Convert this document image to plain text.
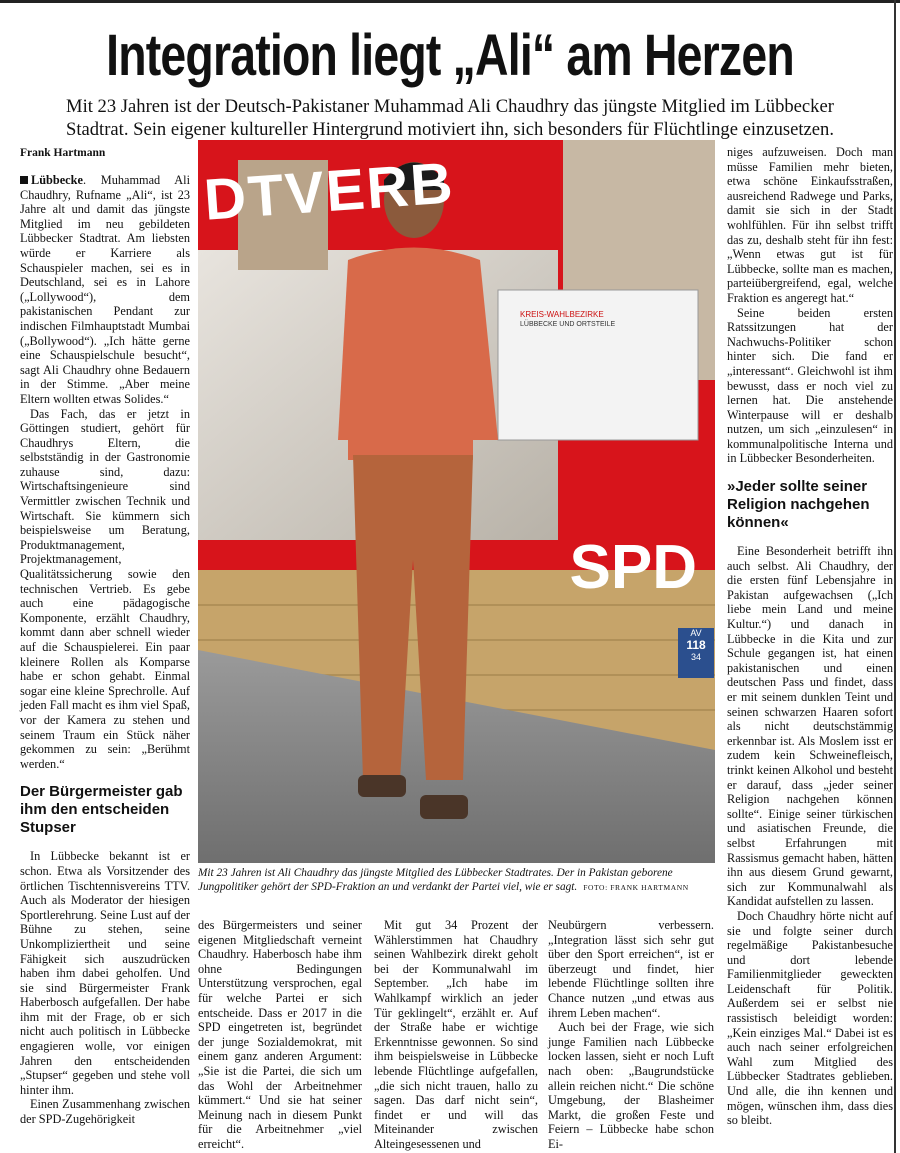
Integration liegt „Ali“ am Herzen
Mit 23 Jahren ist der Deutsch-Pakistaner Muhammad Ali Chaudhry das jüngste Mitglied im Lübbecker
Stadtrat. Sein eigener kultureller Hintergrund motiviert ihn, sich besonders für Flüchtlinge einzusetzen.
Frank Hartmann

Lübbecke. Muhammad Ali Chaudhry, Rufname „Ali“, ist 23 Jahre alt und damit das jüngste Mitglied im neu gebildeten Lübbecker Stadtrat. Am liebsten würde er Karriere als Schauspieler machen, sei es in Deutschland, sei es in Lahore („Lollywood“), dem pakistanischen Pendant zur indischen Filmhauptstadt Mumbai („Bollywood“). „Ich hätte gerne eine Schauspielschule besucht“, sagt Ali Chaudhry ohne Bedauern in der Stimme. „Aber meine Eltern wollten etwas Solides.“

Das Fach, das er jetzt in Göttingen studiert, gehört für Chaudhrys Eltern, die selbstständig in der Gastronomie zuhause sind, dazu: Wirtschaftsingenieure sind Vermittler zwischen Technik und Wirtschaft. Sie kümmern sich beispielsweise um Beratung, Produktmanagement, Projektmanagement, Qualitätssicherung sowie den technischen Vertrieb. Es gebe auch eine pädagogische Komponente, erzählt Chaudhry, kommt dann aber schnell wieder auf die Schauspielerei. Ein paar kleinere Rollen als Komparse habe er schon gehabt. Einmal sogar eine kleine Sprechrolle. Auf jeden Fall macht es ihm viel Spaß, vor der Kamera zu stehen und seinem Traum ein Stück näher gekommen zu sein: „Berühmt werden.“

Der Bürgermeister gab ihm den entscheiden Stupser

In Lübbecke bekannt ist er schon. Etwa als Vorsitzender des örtlichen Tischtennisvereins TTV. Auch als Moderator der hiesigen Sportlerehrung. Seine Lust auf der Bühne zu stehen, seine Unkompliziertheit und seine Fähigkeit sich auszudrücken haben ihm dabei geholfen. Und sie sind Bürgermeister Frank Haberbosch aufgefallen. Der habe ihm mit der Frage, ob er sich nicht auch politisch in Lübbecke engagieren wolle, vor einigen Jahren den entscheidenden „Stupser“ gegeben und stehe voll hinter ihm.

Einen Zusammenhang zwischen der SPD-Zugehörigkeit

DTVERB
SPD
KREIS-WAHLBEZIRKE
LÜBBECKE UND ORTSTEILE
AV
118
34
Mit 23 Jahren ist Ali Chaudhry das jüngste Mitglied des Lübbecker Stadtrates. Der in Pakistan geborene Jungpolitiker gehört der SPD-Fraktion an und verdankt der Partei viel, wie er sagt. FOTO: FRANK HARTMANN

des Bürgermeisters und seiner eigenen Mitgliedschaft verneint Chaudhry. Haberbosch habe ihm ohne Bedingungen Unterstützung versprochen, egal für welche Partei er sich entscheide. Dass er 2017 in die SPD eingetreten ist, begründet der junge Sozialdemokrat, mit einem ganz anderen Argument: „Sie ist die Partei, die sich um das Wohl der Arbeitnehmer kümmert.“ Und sie hat seiner Meinung nach in diesem Punkt für die Arbeitnehmer „viel erreicht“.

Mit gut 34 Prozent der Wählerstimmen hat Chaudhry seinen Wahlbezirk direkt geholt bei der Kommunalwahl im September. „Ich habe im Wahlkampf wirklich an jeder Tür geklingelt“, erzählt er. Auf der Straße habe er wichtige Erkenntnisse gewonnen. So sind ihm beispielsweise in Lübbecke lebende Flüchtlinge aufgefallen, „die sich nicht trauen, hallo zu sagen. Das darf nicht sein“, findet er und will das Miteinander zwischen Alteingesessenen und

Neubürgern verbessern. „Integration lässt sich sehr gut über den Sport erreichen“, ist er überzeugt und findet, hier lebende Flüchtlinge sollten ihre Chance nutzen „und etwas aus ihrem Leben machen“.

Auch bei der Frage, wie sich junge Familien nach Lübbecke locken lassen, sieht er noch Luft nach oben: „Baugrundstücke allein reichen nicht.“ Die schöne Umgebung, der Blasheimer Markt, die großen Feste und Feiern – Lübbecke habe schon Ei-

niges aufzuweisen. Doch man müsse Familien mehr bieten, etwa schöne Einkaufsstraßen, ausreichend Radwege und Parks, damit sie sich in der Stadt wohlfühlen. Für ihn selbst trifft das zu, deshalb steht für ihn fest: „Wenn etwas gut ist für Lübbecke, sollte man es machen, parteiübergreifend, egal, welche Fraktion es angeregt hat.“

Seine beiden ersten Ratssitzungen hat der Nachwuchs-Politiker schon hinter sich. Die fand er „interessant“. Gleichwohl ist ihm bewusst, dass er noch viel zu lernen hat. Die anstehende Winterpause will er deshalb nutzen, um sich „einzulesen“ in kommunalpolitische Interna und in Lübbecker Besonderheiten.

»Jeder sollte seiner Religion nachgehen können«

Eine Besonderheit betrifft ihn auch selbst. Ali Chaudhry, der die ersten fünf Lebensjahre in Pakistan aufgewachsen („Ich liebe mein Land und meine Kultur.“) und danach in Lübbecke in die Kita und zur Schule gegangen ist, hat einen pakistanischen und einen deutschen Pass und findet, dass er mit seinem dunklen Teint und seinen schwarzen Haaren sofort als nicht deutschstämmig erkennbar ist. Als Moslem isst er zudem kein Schweinefleisch, trinkt keinen Alkohol und besteht er darauf, dass „jeder seiner Religion nachgehen können sollte“. Einige seiner türkischen und asiatischen Freunde, die selbst Erfahrungen mit Rassismus gemacht haben, hätten ihn aus diesem Grund gewarnt, sich zur Kommunalwahl als Kandidat aufstellen zu lassen.

Doch Chaudhry hörte nicht auf sie und folgte seiner durch regelmäßige Pakistanbesuche und dort lebende Familienmitglieder geweckten Leidenschaft für Politik. Außerdem sei er selbst nie rassistisch beleidigt worden: „Kein einziges Mal.“ Dabei ist es auch nach seiner erfolgreichen Wahl zum Mitglied des Lübbecker Stadtrates geblieben. Und alle, die ihn kennen und mögen, wünschen ihm, dass dies so bleibt.
